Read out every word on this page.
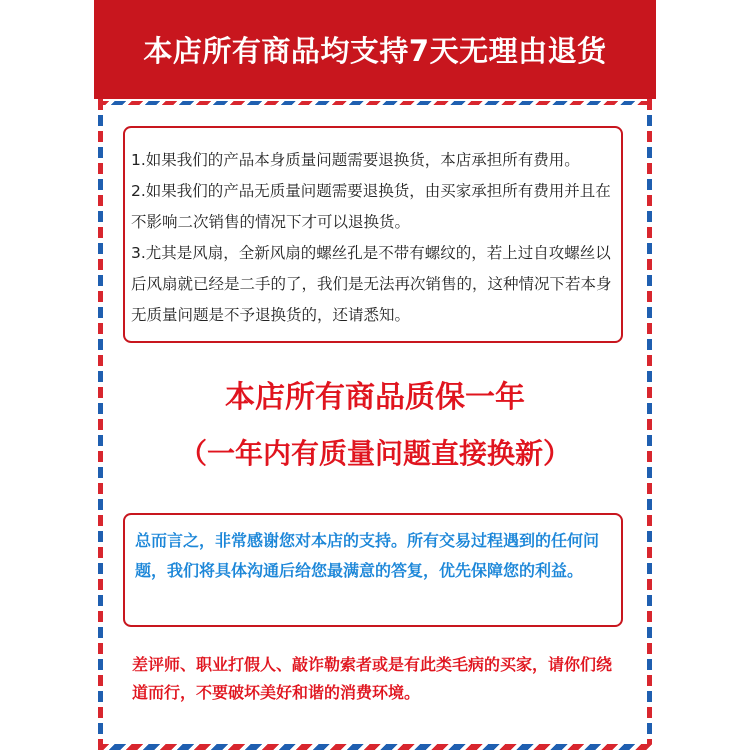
本店所有商品均支持7天无理由退货

1.如果我们的产品本身质量问题需要退换货，本店承担所有费用。

2.如果我们的产品无质量问题需要退换货，由买家承担所有费用并且在不影响二次销售的情况下才可以退换货。

3.尤其是风扇，全新风扇的螺丝孔是不带有螺纹的，若上过自攻螺丝以后风扇就已经是二手的了，我们是无法再次销售的，这种情况下若本身无质量问题是不予退换货的，还请悉知。

本店所有商品质保一年
（一年内有质量问题直接换新）

总而言之，非常感谢您对本店的支持。所有交易过程遇到的任何问题，我们将具体沟通后给您最满意的答复，优先保障您的利益。

差评师、职业打假人、敲诈勒索者或是有此类毛病的买家，请你们绕道而行，不要破坏美好和谐的消费环境。
